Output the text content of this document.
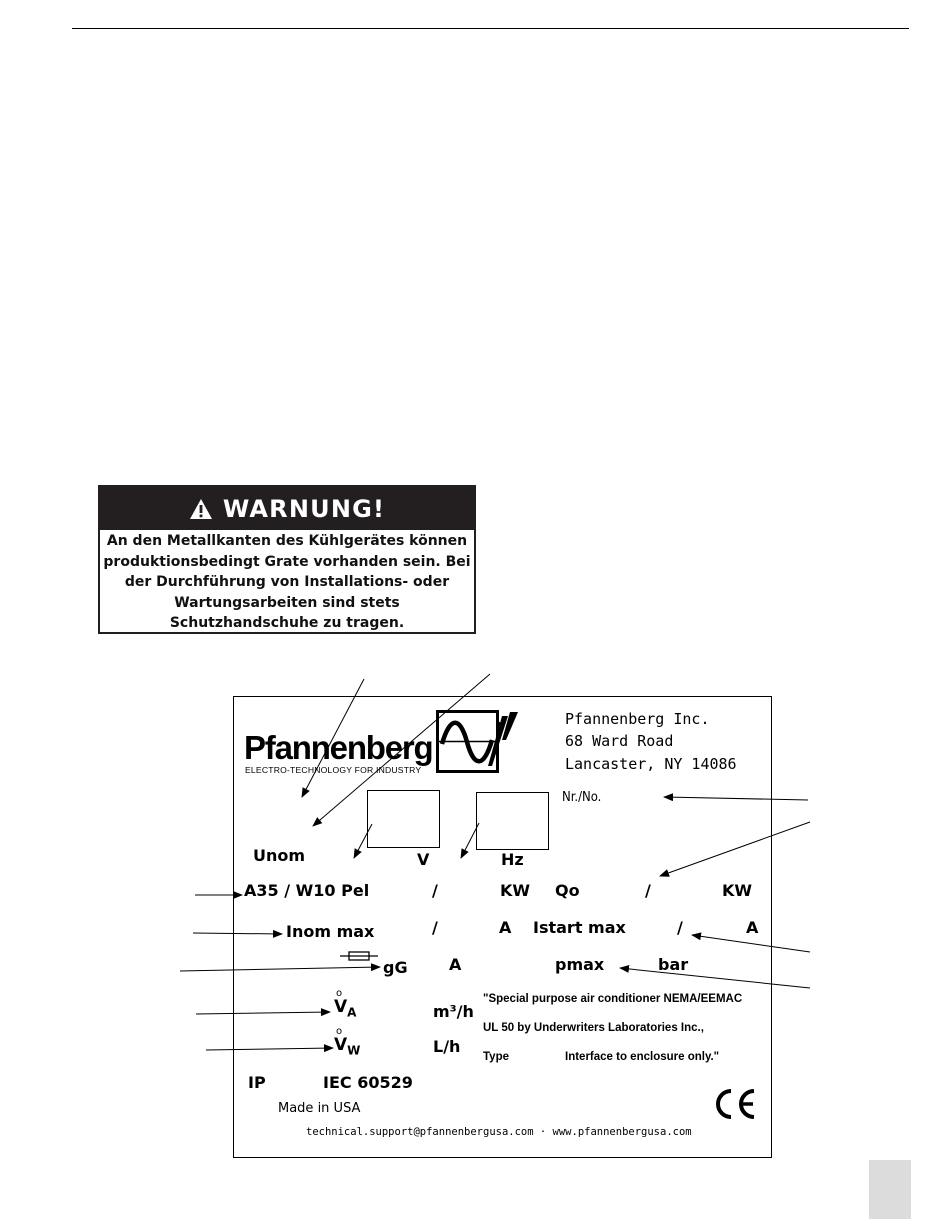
WARNUNG!
An den Metallkanten des Kühlgerätes können
produktionsbedingt Grate vorhanden sein. Bei
der Durchführung von Installations- oder
Wartungsarbeiten sind stets
Schutzhandschuhe zu tragen.
Pfannenberg
ELECTRO-TECHNOLOGY FOR INDUSTRY
Pfannenberg Inc.
68 Ward Road
Lancaster, NY 14086
Nr./No.
Unom	V	Hz
A35 / W10 Pel	/	KW Qo	/	KW
Inom max	/	A Istart max	/	A
gG	A	pmax	bar
o
$V_A$	m³/h
o
$V_W$	L/h
"Special purpose air conditioner NEMA/EEMAC
UL 50 by Underwriters Laboratories Inc.,
Type	Interface to enclosure only."
IP	IEC 60529
Made in USA
technical.support@pfannenbergusa.com · www.pfannenbergusa.com
